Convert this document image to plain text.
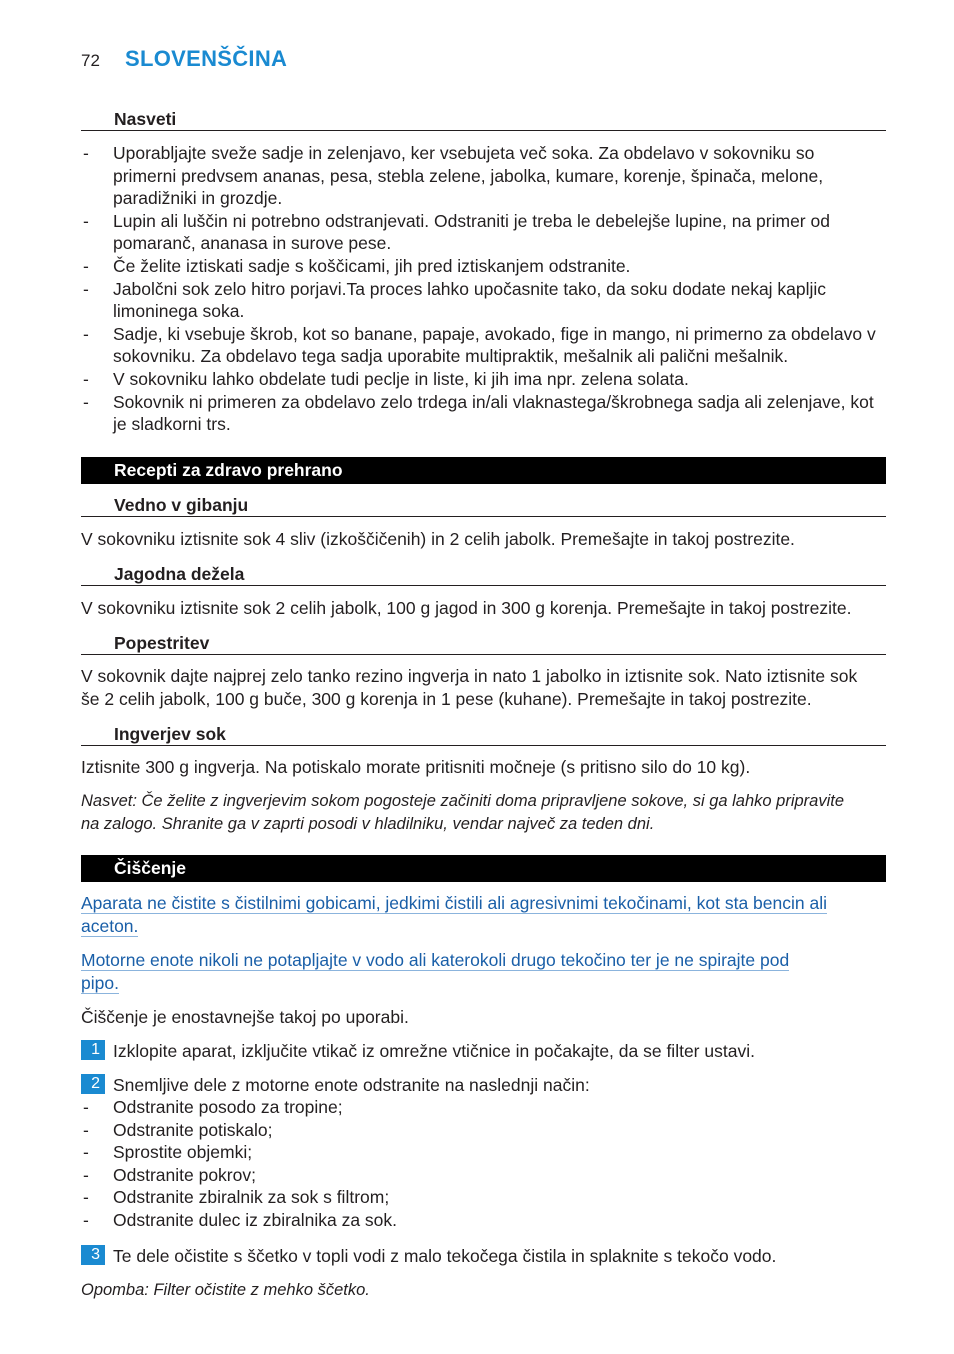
72	SLOVENŠČINA
Nasveti
- Uporabljajte sveže sadje in zelenjavo, ker vsebujeta več soka. Za obdelavo v sokovniku so
primerni predvsem ananas, pesa, stebla zelene, jabolka, kumare, korenje, špinača, melone,
paradižniki in grozdje.
- Lupin ali luščin ni potrebno odstranjevati. Odstraniti je treba le debelejše lupine, na primer od
pomaranč, ananasa in surove pese.
- Če želite iztiskati sadje s koščicami, jih pred iztiskanjem odstranite.
- Jabolčni sok zelo hitro porjavi.Ta proces lahko upočasnite tako, da soku dodate nekaj kapljic
limoninega soka.
- Sadje, ki vsebuje škrob, kot so banane, papaje, avokado, fige in mango, ni primerno za obdelavo v
sokovniku. Za obdelavo tega sadja uporabite multipraktik, mešalnik ali palični mešalnik.
- V sokovniku lahko obdelate tudi peclje in liste, ki jih ima npr. zelena solata.
- Sokovnik ni primeren za obdelavo zelo trdega in/ali vlaknastega/škrobnega sadja ali zelenjave, kot
je sladkorni trs.
Recepti za zdravo prehrano
Vedno v gibanju
V sokovniku iztisnite sok 4 sliv (izkoščičenih) in 2 celih jabolk. Premešajte in takoj postrezite.
Jagodna dežela
V sokovniku iztisnite sok 2 celih jabolk, 100 g jagod in 300 g korenja. Premešajte in takoj postrezite.
Popestritev
V sokovnik dajte najprej zelo tanko rezino ingverja in nato 1 jabolko in iztisnite sok. Nato iztisnite sok
še 2 celih jabolk, 100 g buče, 300 g korenja in 1 pese (kuhane). Premešajte in takoj postrezite.
Ingverjev sok
Iztisnite 300 g ingverja. Na potiskalo morate pritisniti močneje (s pritisno silo do 10 kg).
Nasvet: Če želite z ingverjevim sokom pogosteje začiniti doma pripravljene sokove, si ga lahko pripravite
na zalogo. Shranite ga v zaprti posodi v hladilniku, vendar največ za teden dni.
Čiščenje
Aparata ne čistite s čistilnimi gobicami, jedkimi čistili ali agresivnimi tekočinami, kot sta bencin ali
aceton.
Motorne enote nikoli ne potapljajte v vodo ali katerokoli drugo tekočino ter je ne spirajte pod
pipo.
Čiščenje je enostavnejše takoj po uporabi.
1 Izklopite aparat, izključite vtikač iz omrežne vtičnice in počakajte, da se filter ustavi.
2 Snemljive dele z motorne enote odstranite na naslednji način:
- Odstranite posodo za tropine;
- Odstranite potiskalo;
- Sprostite objemki;
- Odstranite pokrov;
- Odstranite zbiralnik za sok s filtrom;
- Odstranite dulec iz zbiralnika za sok.
3 Te dele očistite s ščetko v topli vodi z malo tekočega čistila in splaknite s tekočo vodo.
Opomba: Filter očistite z mehko ščetko.
